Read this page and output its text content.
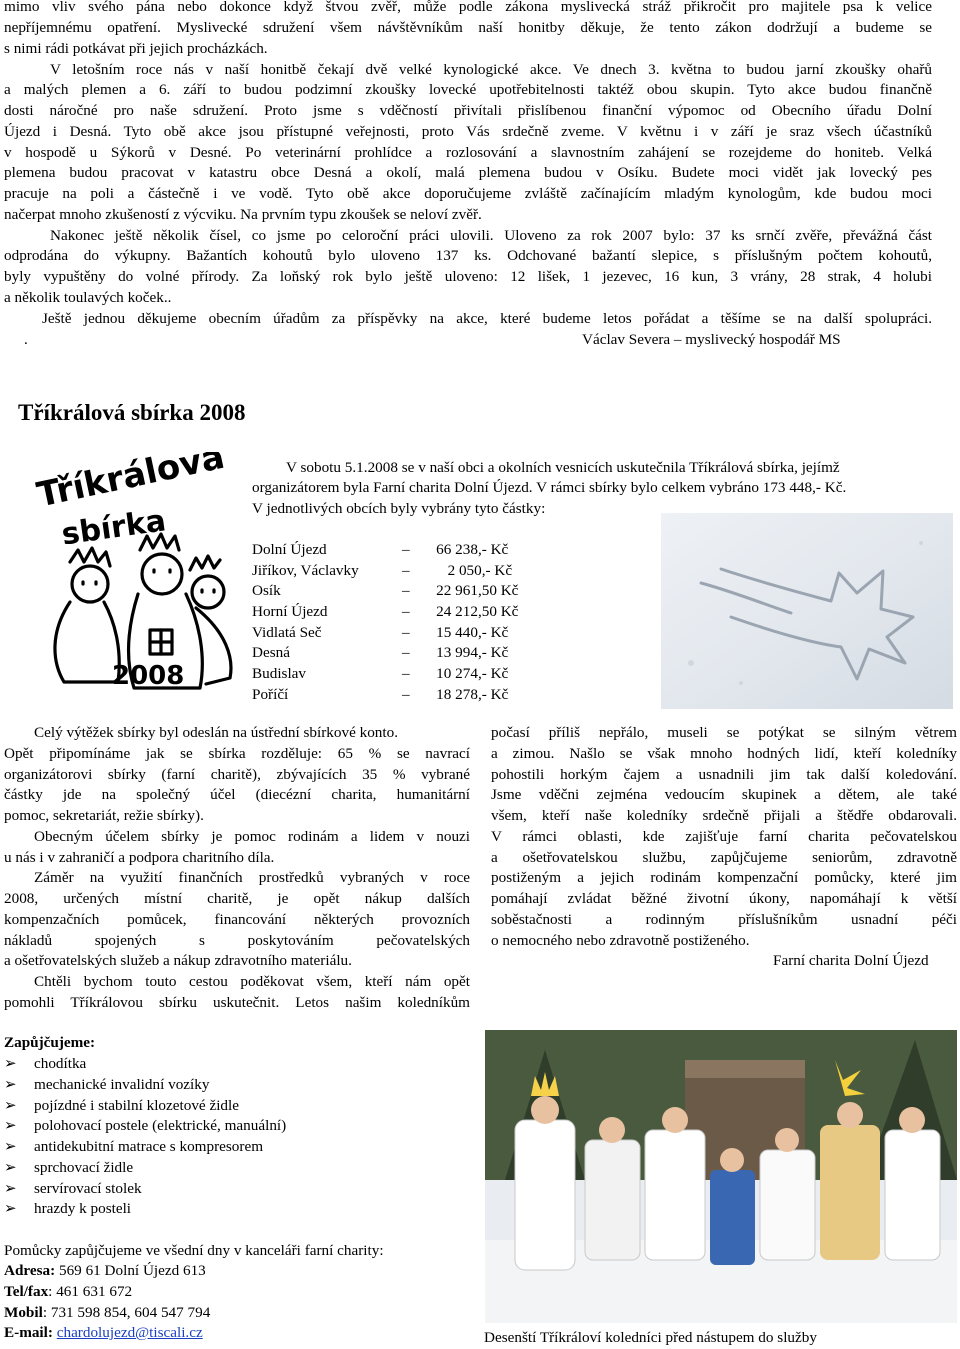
mimo vliv svého pána nebo dokonce když štvou zvěř, může podle zákona myslivecká stráž přikročit pro majitele psa k velice
nepříjemnému opatření. Myslivecké sdružení všem návštěvníkům naší honitby děkuje, že tento zákon dodržují a budeme se
s nimi rádi potkávat při jejich procházkách.
V letošním roce nás v naší honitbě čekají dvě velké kynologické akce. Ve dnech 3. května to budou jarní zkoušky ohařů
a malých plemen a 6. září to budou podzimní zkoušky lovecké upotřebitelnosti taktéž obou skupin. Tyto akce budou finančně
dosti náročné pro naše sdružení. Proto jsme s vděčností přivítali přislíbenou finanční výpomoc od Obecního úřadu Dolní
Újezd i Desná. Tyto obě akce jsou přístupné veřejnosti, proto Vás srdečně zveme. V květnu i v září je sraz všech účastníků
v hospodě u Sýkorů v Desné. Po veterinární prohlídce a rozlosování a slavnostním zahájení se rozejdeme do honiteb. Velká
plemena budou pracovat v katastru obce Desná a okolí, malá plemena budou v Osíku. Budete moci vidět jak lovecký pes
pracuje na poli a částečně i ve vodě. Tyto obě akce doporučujeme zvláště začínajícím mladým kynologům, kde budou moci
načerpat mnoho zkušeností z výcviku. Na prvním typu zkoušek se neloví zvěř.
Nakonec ještě několik čísel, co jsme po celoroční práci ulovili. Uloveno za rok 2007 bylo: 37 ks srnčí zvěře, převážná část
odprodána do výkupny. Bažantích kohoutů bylo uloveno 137 ks. Odchované bažantí slepice, s příslušným počtem kohoutů,
byly vypuštěny do volné přírody. Za loňský rok bylo ještě uloveno: 12 lišek, 1 jezevec, 16 kun, 3 vrány, 28 strak, 4 holubi
a několik toulavých koček..
Ještě jednou děkujeme obecním úřadům za příspěvky na akce, které budeme letos pořádat a těšíme se na další spolupráci.
.	Václav Severa – myslivecký hospodář MS
Tříkrálová sbírka 2008
Tříkrálová
sbírka
2008
V sobotu 5.1.2008 se v naší obci a okolních vesnicích uskutečnila Tříkrálová sbírka, jejímž
organizátorem byla Farní charita Dolní Újezd. V rámci sbírky bylo celkem vybráno 173 448,- Kč.
V jednotlivých obcích byly vybrány tyto částky:
Dolní Újezd	– 66 238,- Kč
Jiříkov, Václavky	– 2 050,- Kč
Osík	– 22 961,50 Kč
Horní Újezd	– 24 212,50 Kč
Vidlatá Seč	– 15 440,- Kč
Desná	– 13 994,- Kč
Budislav	– 10 274,- Kč
Poříčí	– 18 278,- Kč
Celý výtěžek sbírky byl odeslán na ústřední sbírkové konto.
Opět připomínáme jak se sbírka rozděluje: 65 % se navrací
organizátorovi sbírky (farní charitě), zbývajících 35 % vybrané
částky jde na společný účel (diecézní charita, humanitární
pomoc, sekretariát, režie sbírky).
Obecným účelem sbírky je pomoc rodinám a lidem v nouzi
u nás i v zahraničí a podpora charitního díla.
Záměr na využití finančních prostředků vybraných v roce
2008, určených místní charitě, je opět nákup dalších
kompenzačních pomůcek, financování některých provozních
nákladů spojených s poskytováním pečovatelských
a ošetřovatelských služeb a nákup zdravotního materiálu.
Chtěli bychom touto cestou poděkovat všem, kteří nám opět
pomohli Tříkrálovou sbírku uskutečnit. Letos našim koledníkům
počasí příliš nepřálo, museli se potýkat se silným větrem
a zimou. Našlo se však mnoho hodných lidí, kteří koledníky
pohostili horkým čajem a usnadnili jim tak další koledování.
Jsme vděčni zejména vedoucím skupinek a dětem, ale také
všem, kteří naše koledníky srdečně přijali a štědře obdarovali.
V rámci oblasti, kde zajišťuje farní charita pečovatelskou
a ošetřovatelskou službu, zapůjčujeme seniorům, zdravotně
postiženým a jejich rodinám kompenzační pomůcky, které jim
pomáhají zvládat běžné životní úkony, napomáhají k větší
soběstačnosti a rodinným příslušníkům usnadní péči
o nemocného nebo zdravotně postiženého.
Farní charita Dolní Újezd
Zapůjčujeme:
➢ chodítka
➢ mechanické invalidní vozíky
➢ pojízdné i stabilní klozetové židle
➢ polohovací postele (elektrické, manuální)
➢ antidekubitní matrace s kompresorem
➢ sprchovací židle
➢ servírovací stolek
➢ hrazdy k posteli
Pomůcky zapůjčujeme ve všední dny v kanceláři farní charity:
Adresa: 569 61 Dolní Újezd 613
Tel/fax: 461 631 672
Mobil: 731 598 854, 604 547 794
E-mail: chardolujezd@tiscali.cz	Desenští Tříkráloví koledníci před nástupem do služby
